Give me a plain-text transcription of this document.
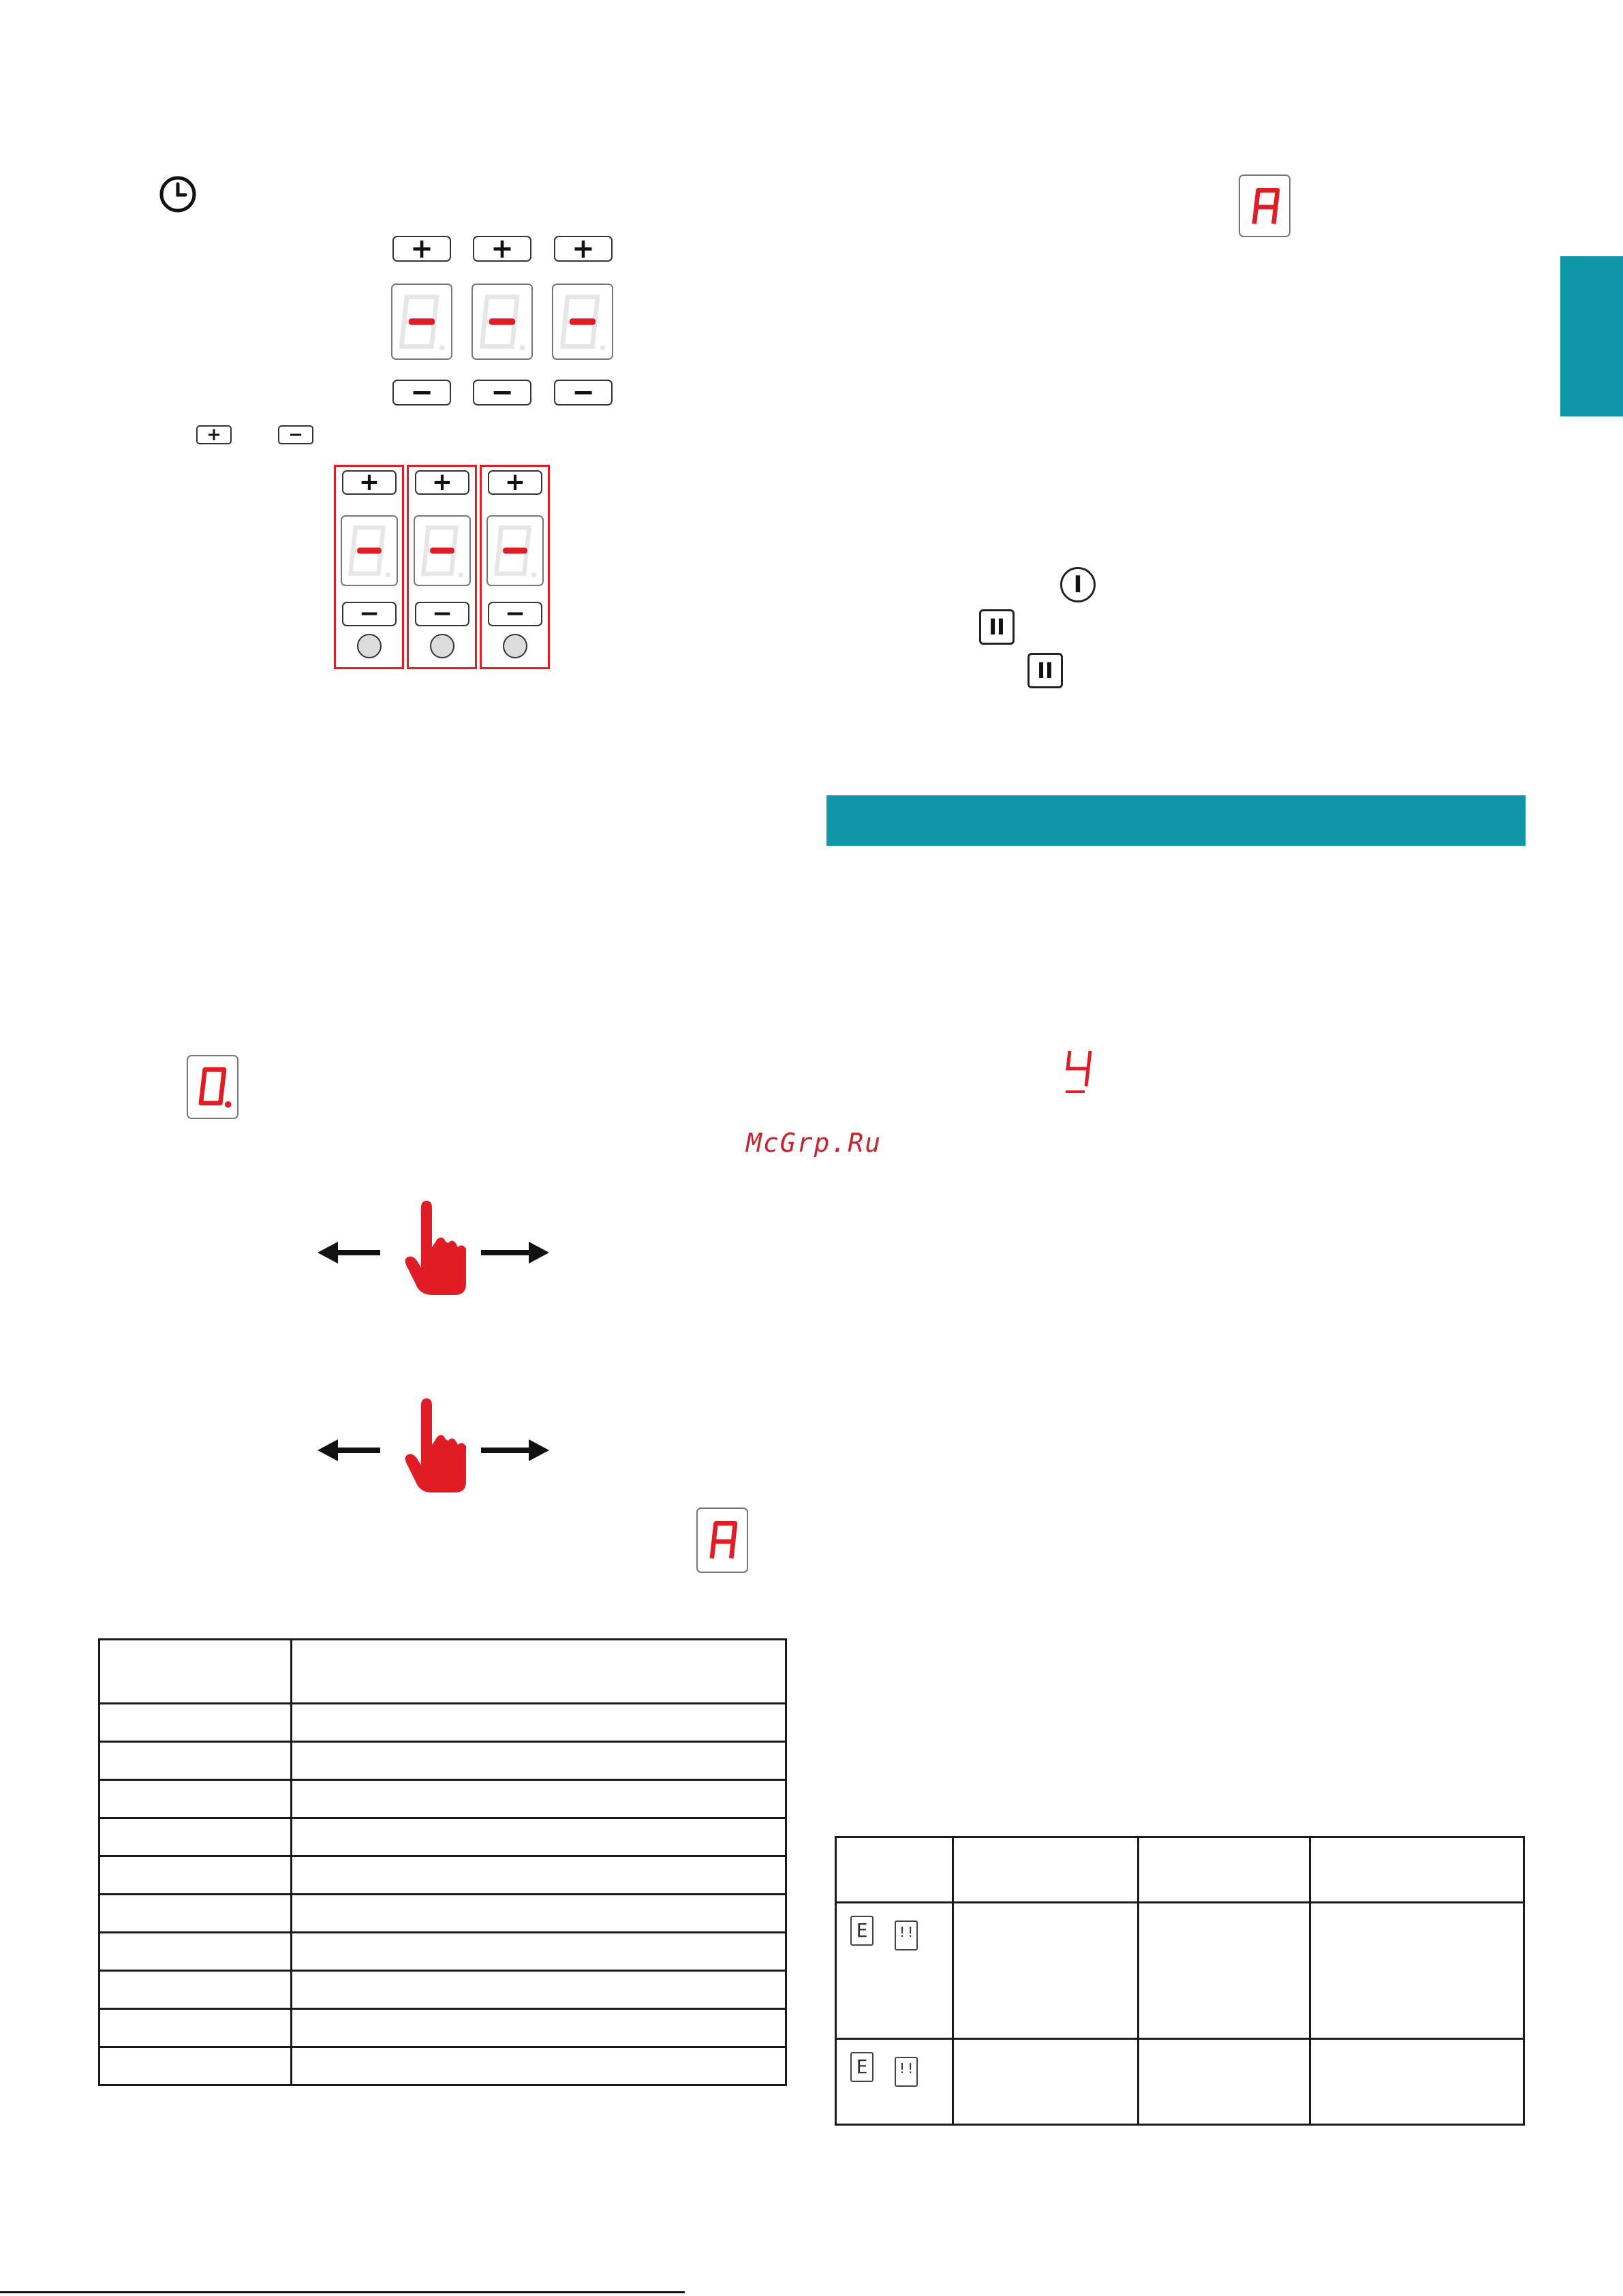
+	+	+
−	−	−
+	−
+	+	+
−	−	−
A
I
II
II
0.
4
McGrp.Ru
A

E !!			
E !!			
